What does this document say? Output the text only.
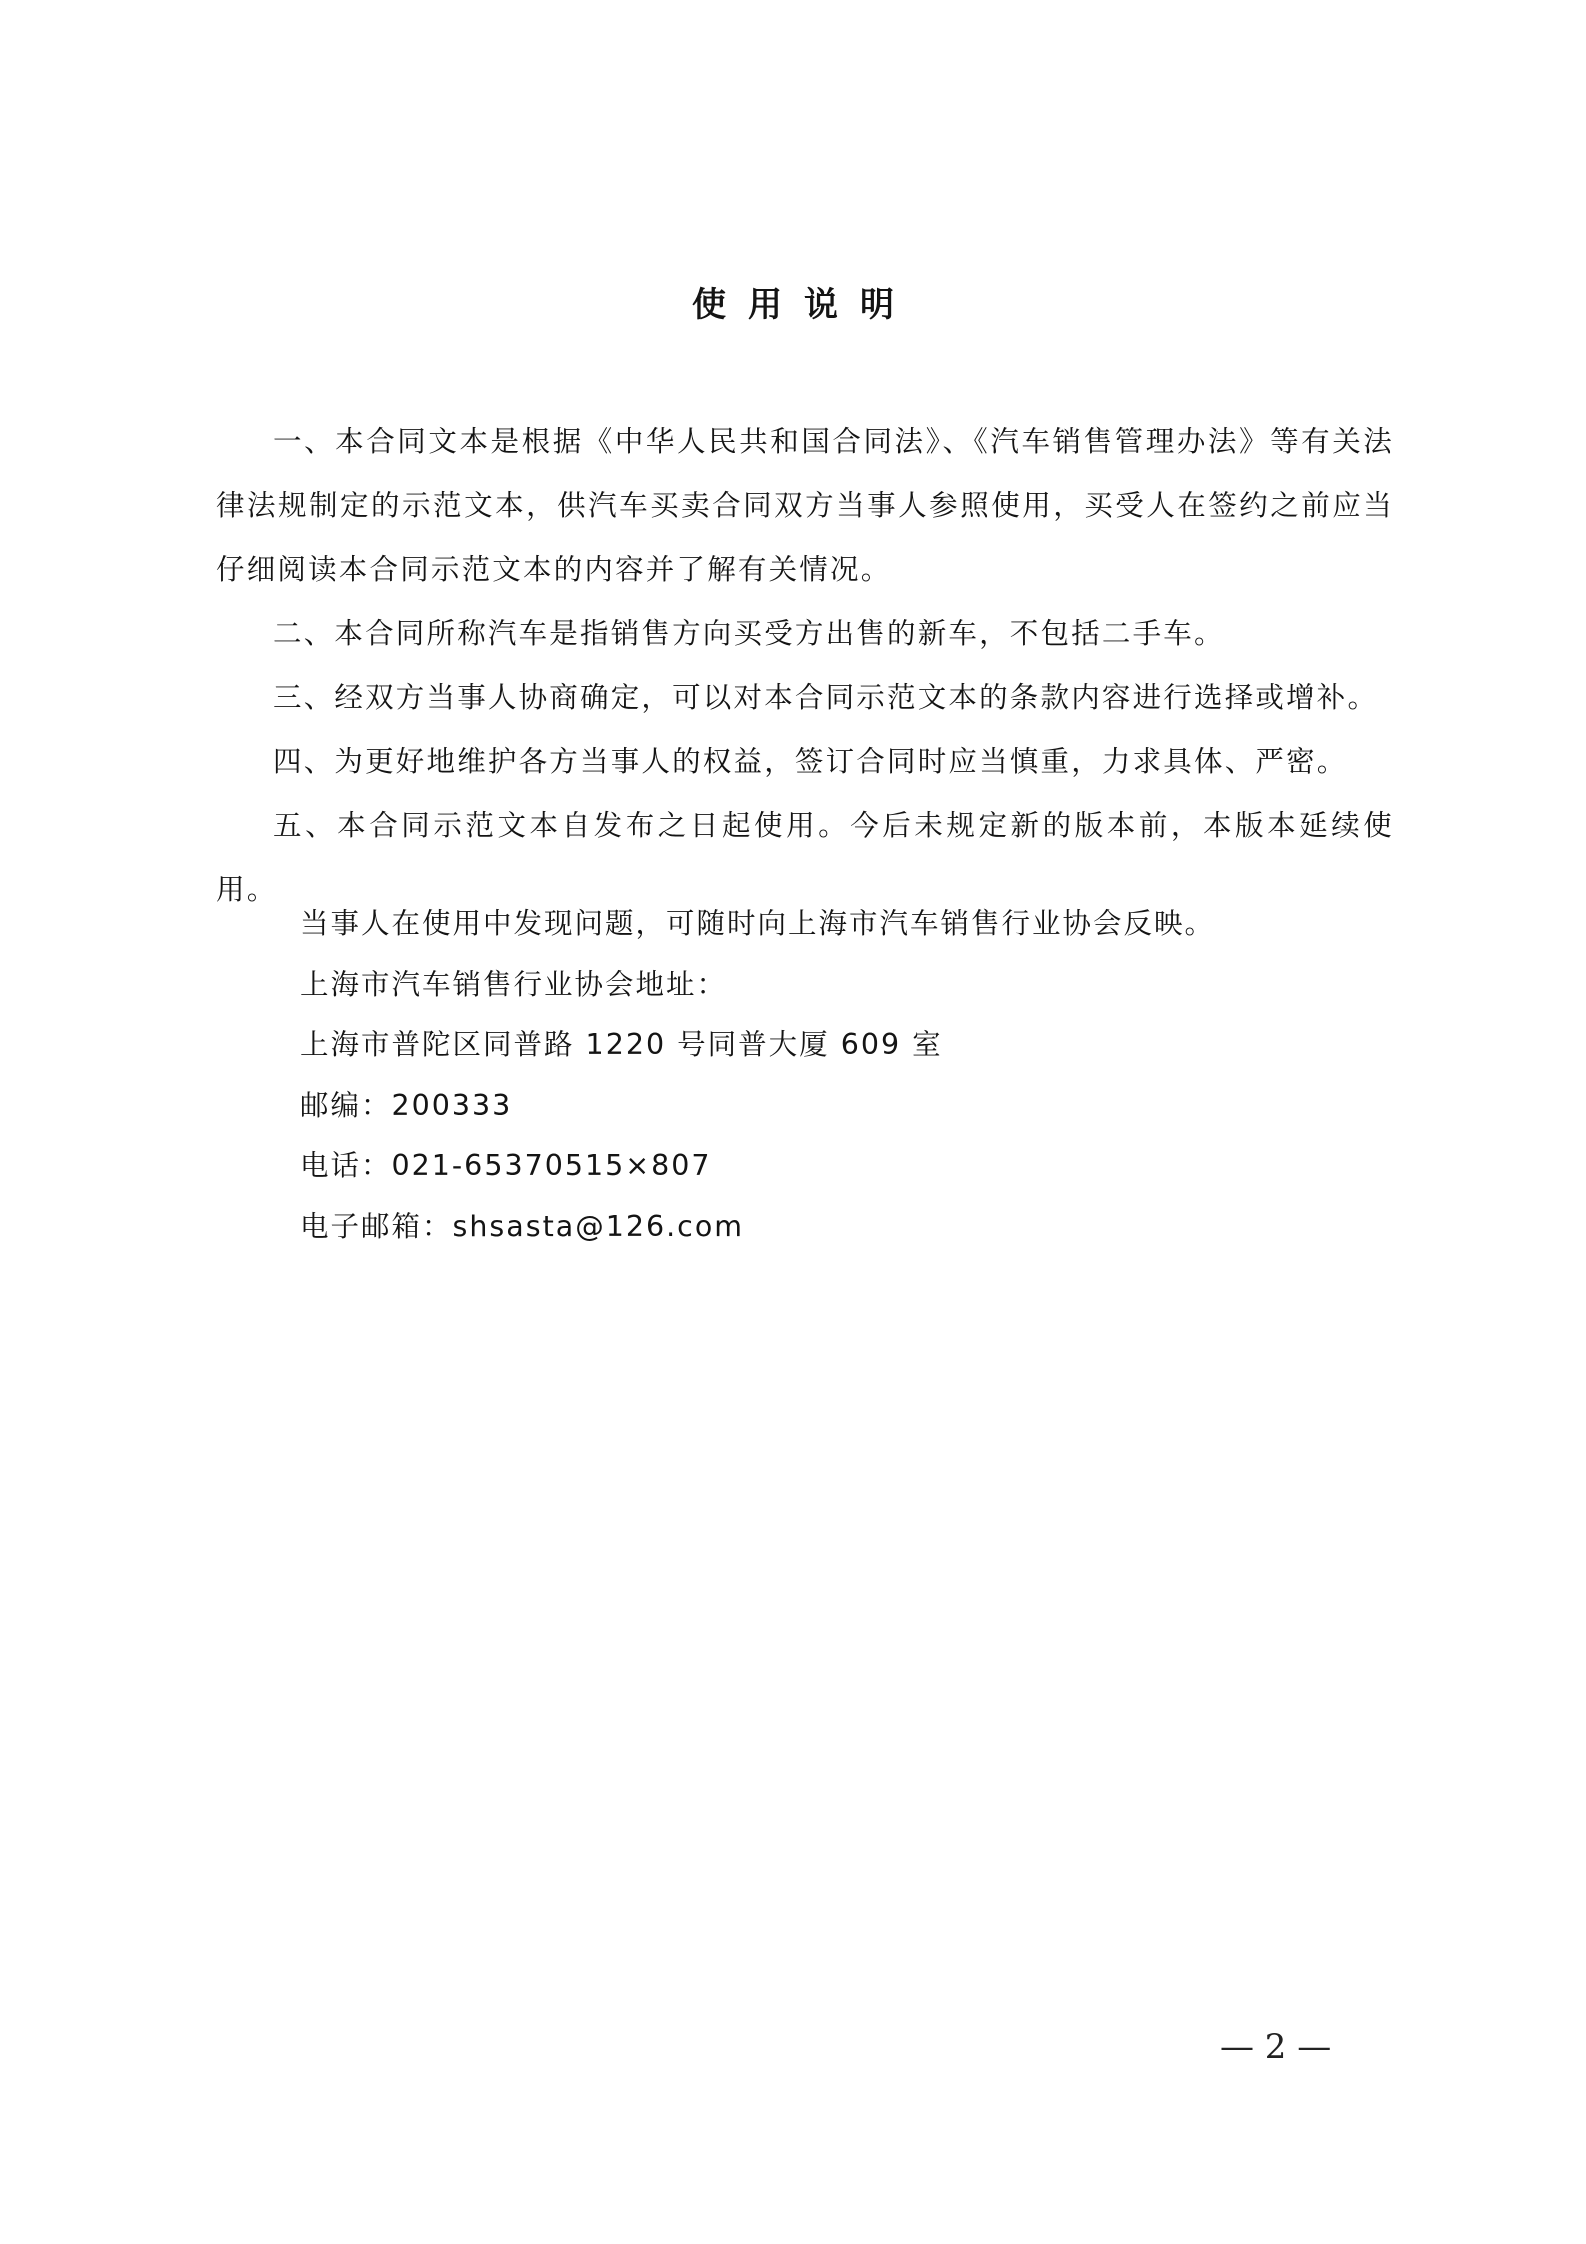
使用说明

一、本合同文本是根据《中华人民共和国合同法》、《汽车销售管理办法》等有关法律法规制定的示范文本，供汽车买卖合同双方当事人参照使用，买受人在签约之前应当仔细阅读本合同示范文本的内容并了解有关情况。

二、本合同所称汽车是指销售方向买受方出售的新车，不包括二手车。

三、经双方当事人协商确定，可以对本合同示范文本的条款内容进行选择或增补。

四、为更好地维护各方当事人的权益，签订合同时应当慎重，力求具体、严密。

五、本合同示范文本自发布之日起使用。今后未规定新的版本前，本版本延续使用。

当事人在使用中发现问题，可随时向上海市汽车销售行业协会反映。

上海市汽车销售行业协会地址：

上海市普陀区同普路 1220 号同普大厦 609 室

邮编：200333

电话：021-65370515×807

电子邮箱：shsasta@126.com

— 2 —
